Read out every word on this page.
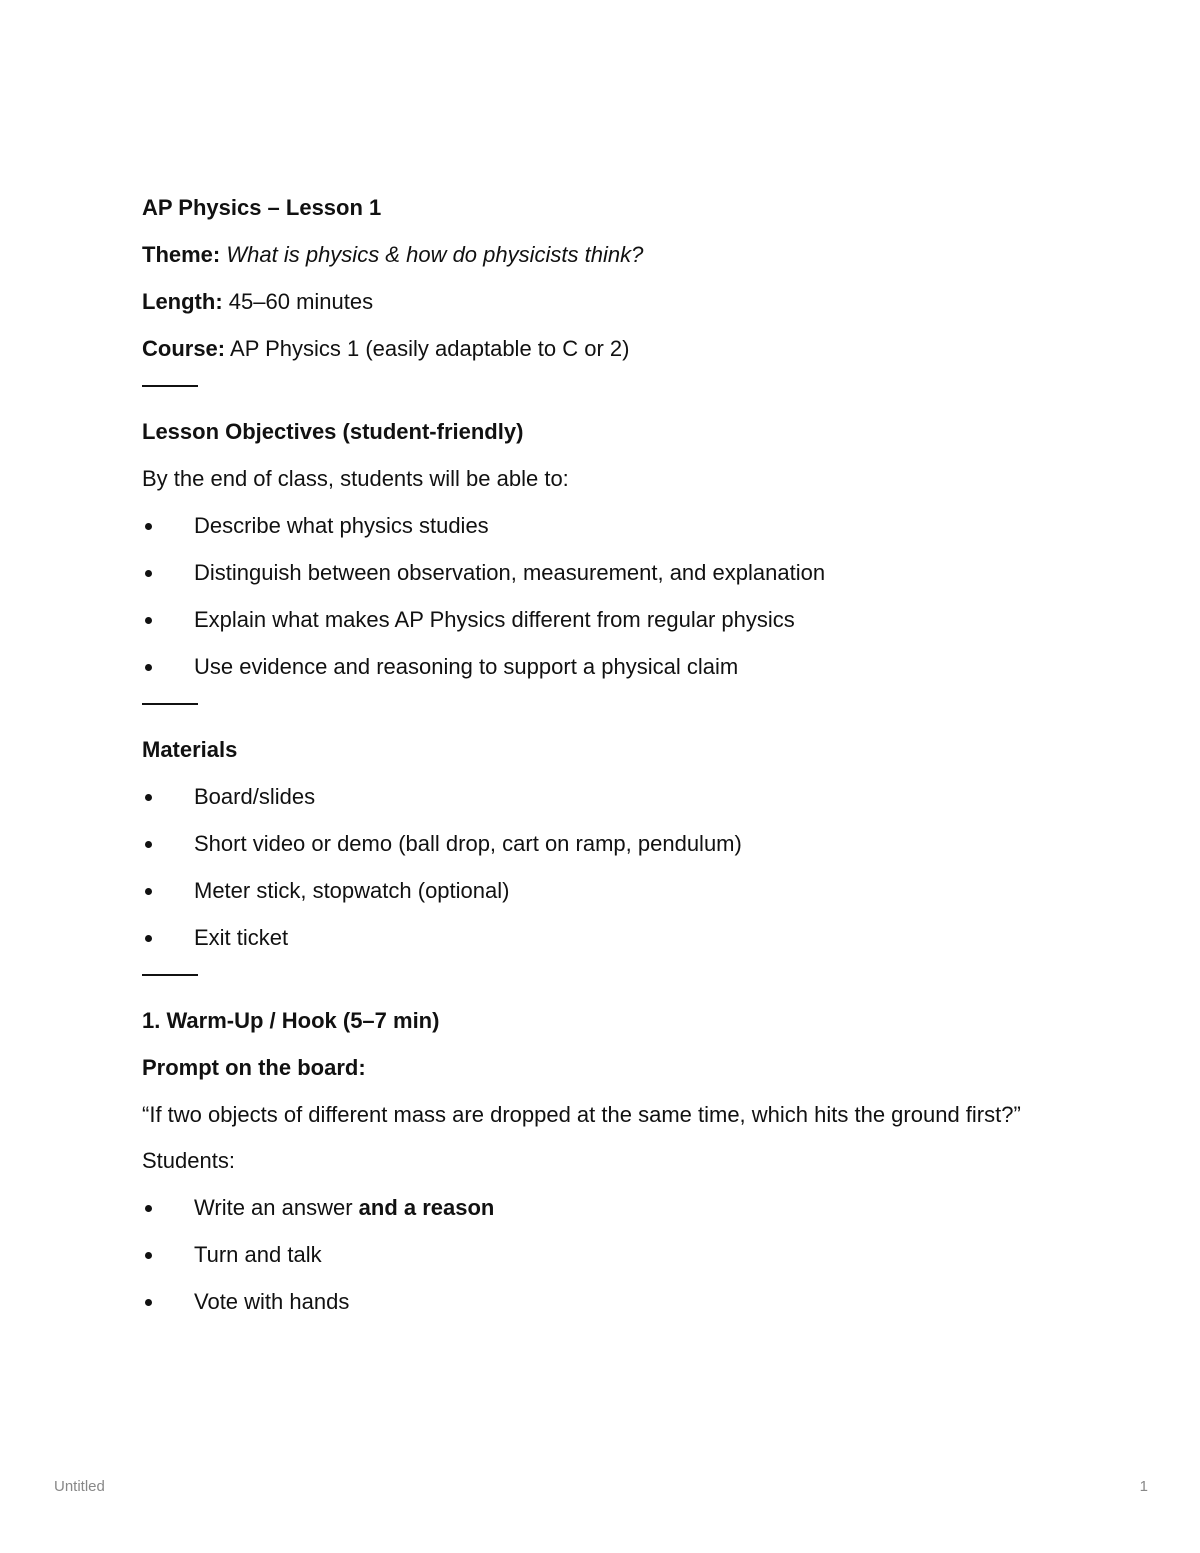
AP Physics – Lesson 1
Theme: What is physics & how do physicists think?
Length: 45–60 minutes
Course: AP Physics 1 (easily adaptable to C or 2)
Lesson Objectives (student-friendly)
By the end of class, students will be able to:
Describe what physics studies
Distinguish between observation, measurement, and explanation
Explain what makes AP Physics different from regular physics
Use evidence and reasoning to support a physical claim
Materials
Board/slides
Short video or demo (ball drop, cart on ramp, pendulum)
Meter stick, stopwatch (optional)
Exit ticket
1. Warm-Up / Hook (5–7 min)
Prompt on the board:
“If two objects of different mass are dropped at the same time, which hits the ground first?”
Students:
Write an answer and a reason
Turn and talk
Vote with hands
Untitled	1
